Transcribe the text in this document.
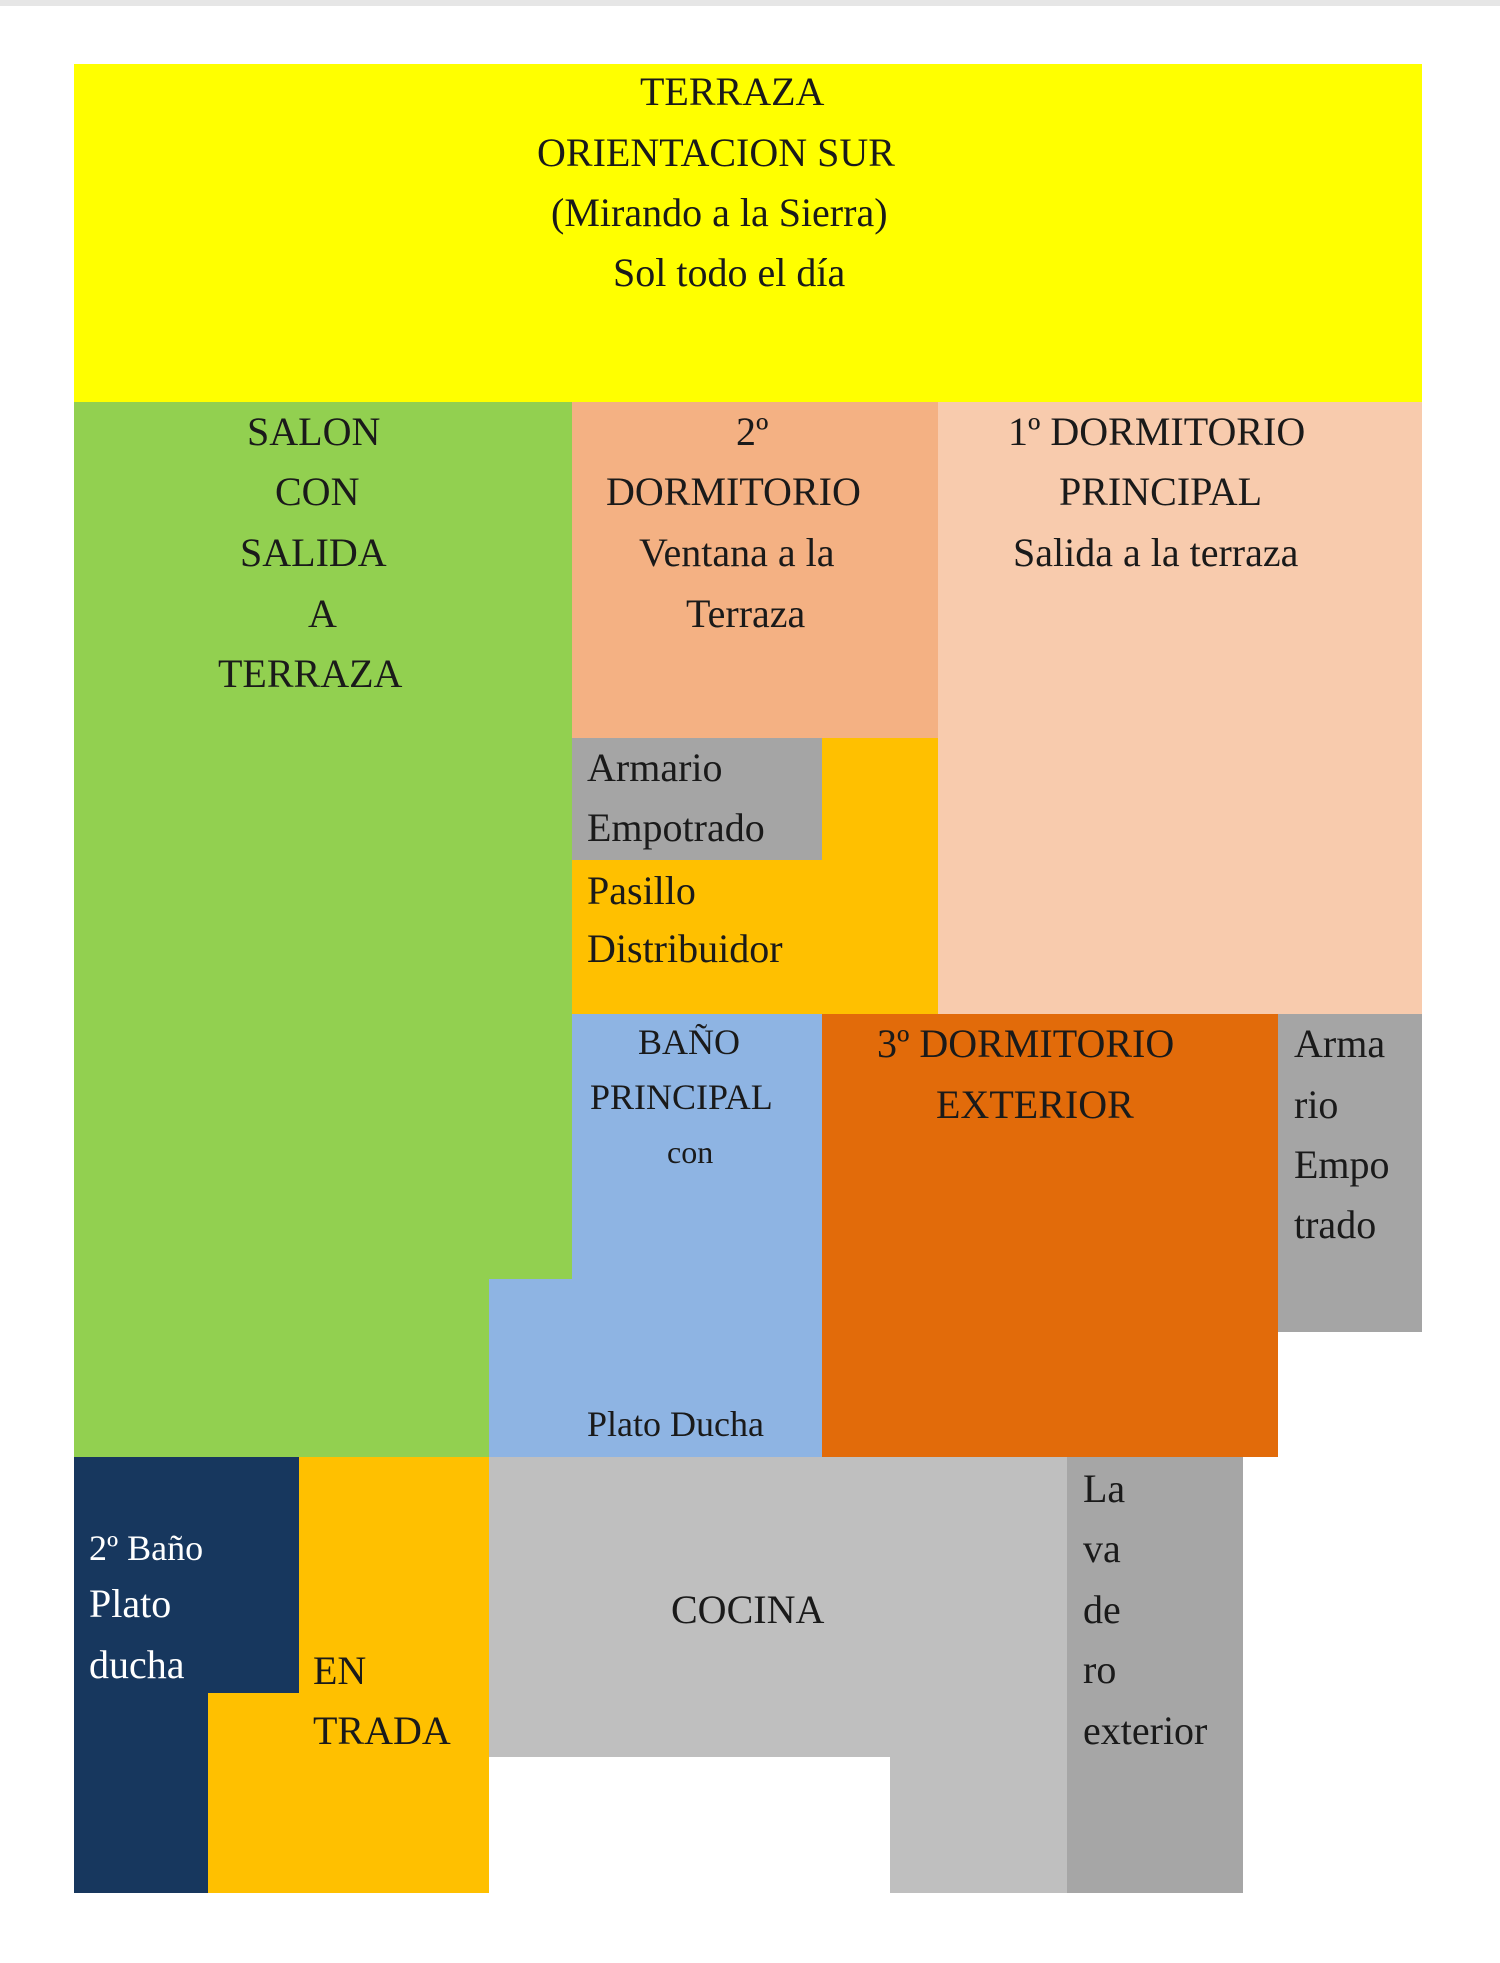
TERRAZA
ORIENTACION SUR
(Mirando a la Sierra)
Sol todo el día
SALON
CON
SALIDA
A
TERRAZA
2º
DORMITORIO
Ventana a la
Terraza
1º DORMITORIO
PRINCIPAL
Salida a la terraza
Armario
Empotrado
Pasillo
Distribuidor
BAÑO
PRINCIPAL
con
Plato Ducha
3º DORMITORIO
EXTERIOR
Arma
rio
Empo
trado
2º Baño
Plato
ducha	EN
TRADA
COCINA
La
va
de
ro
exterior
